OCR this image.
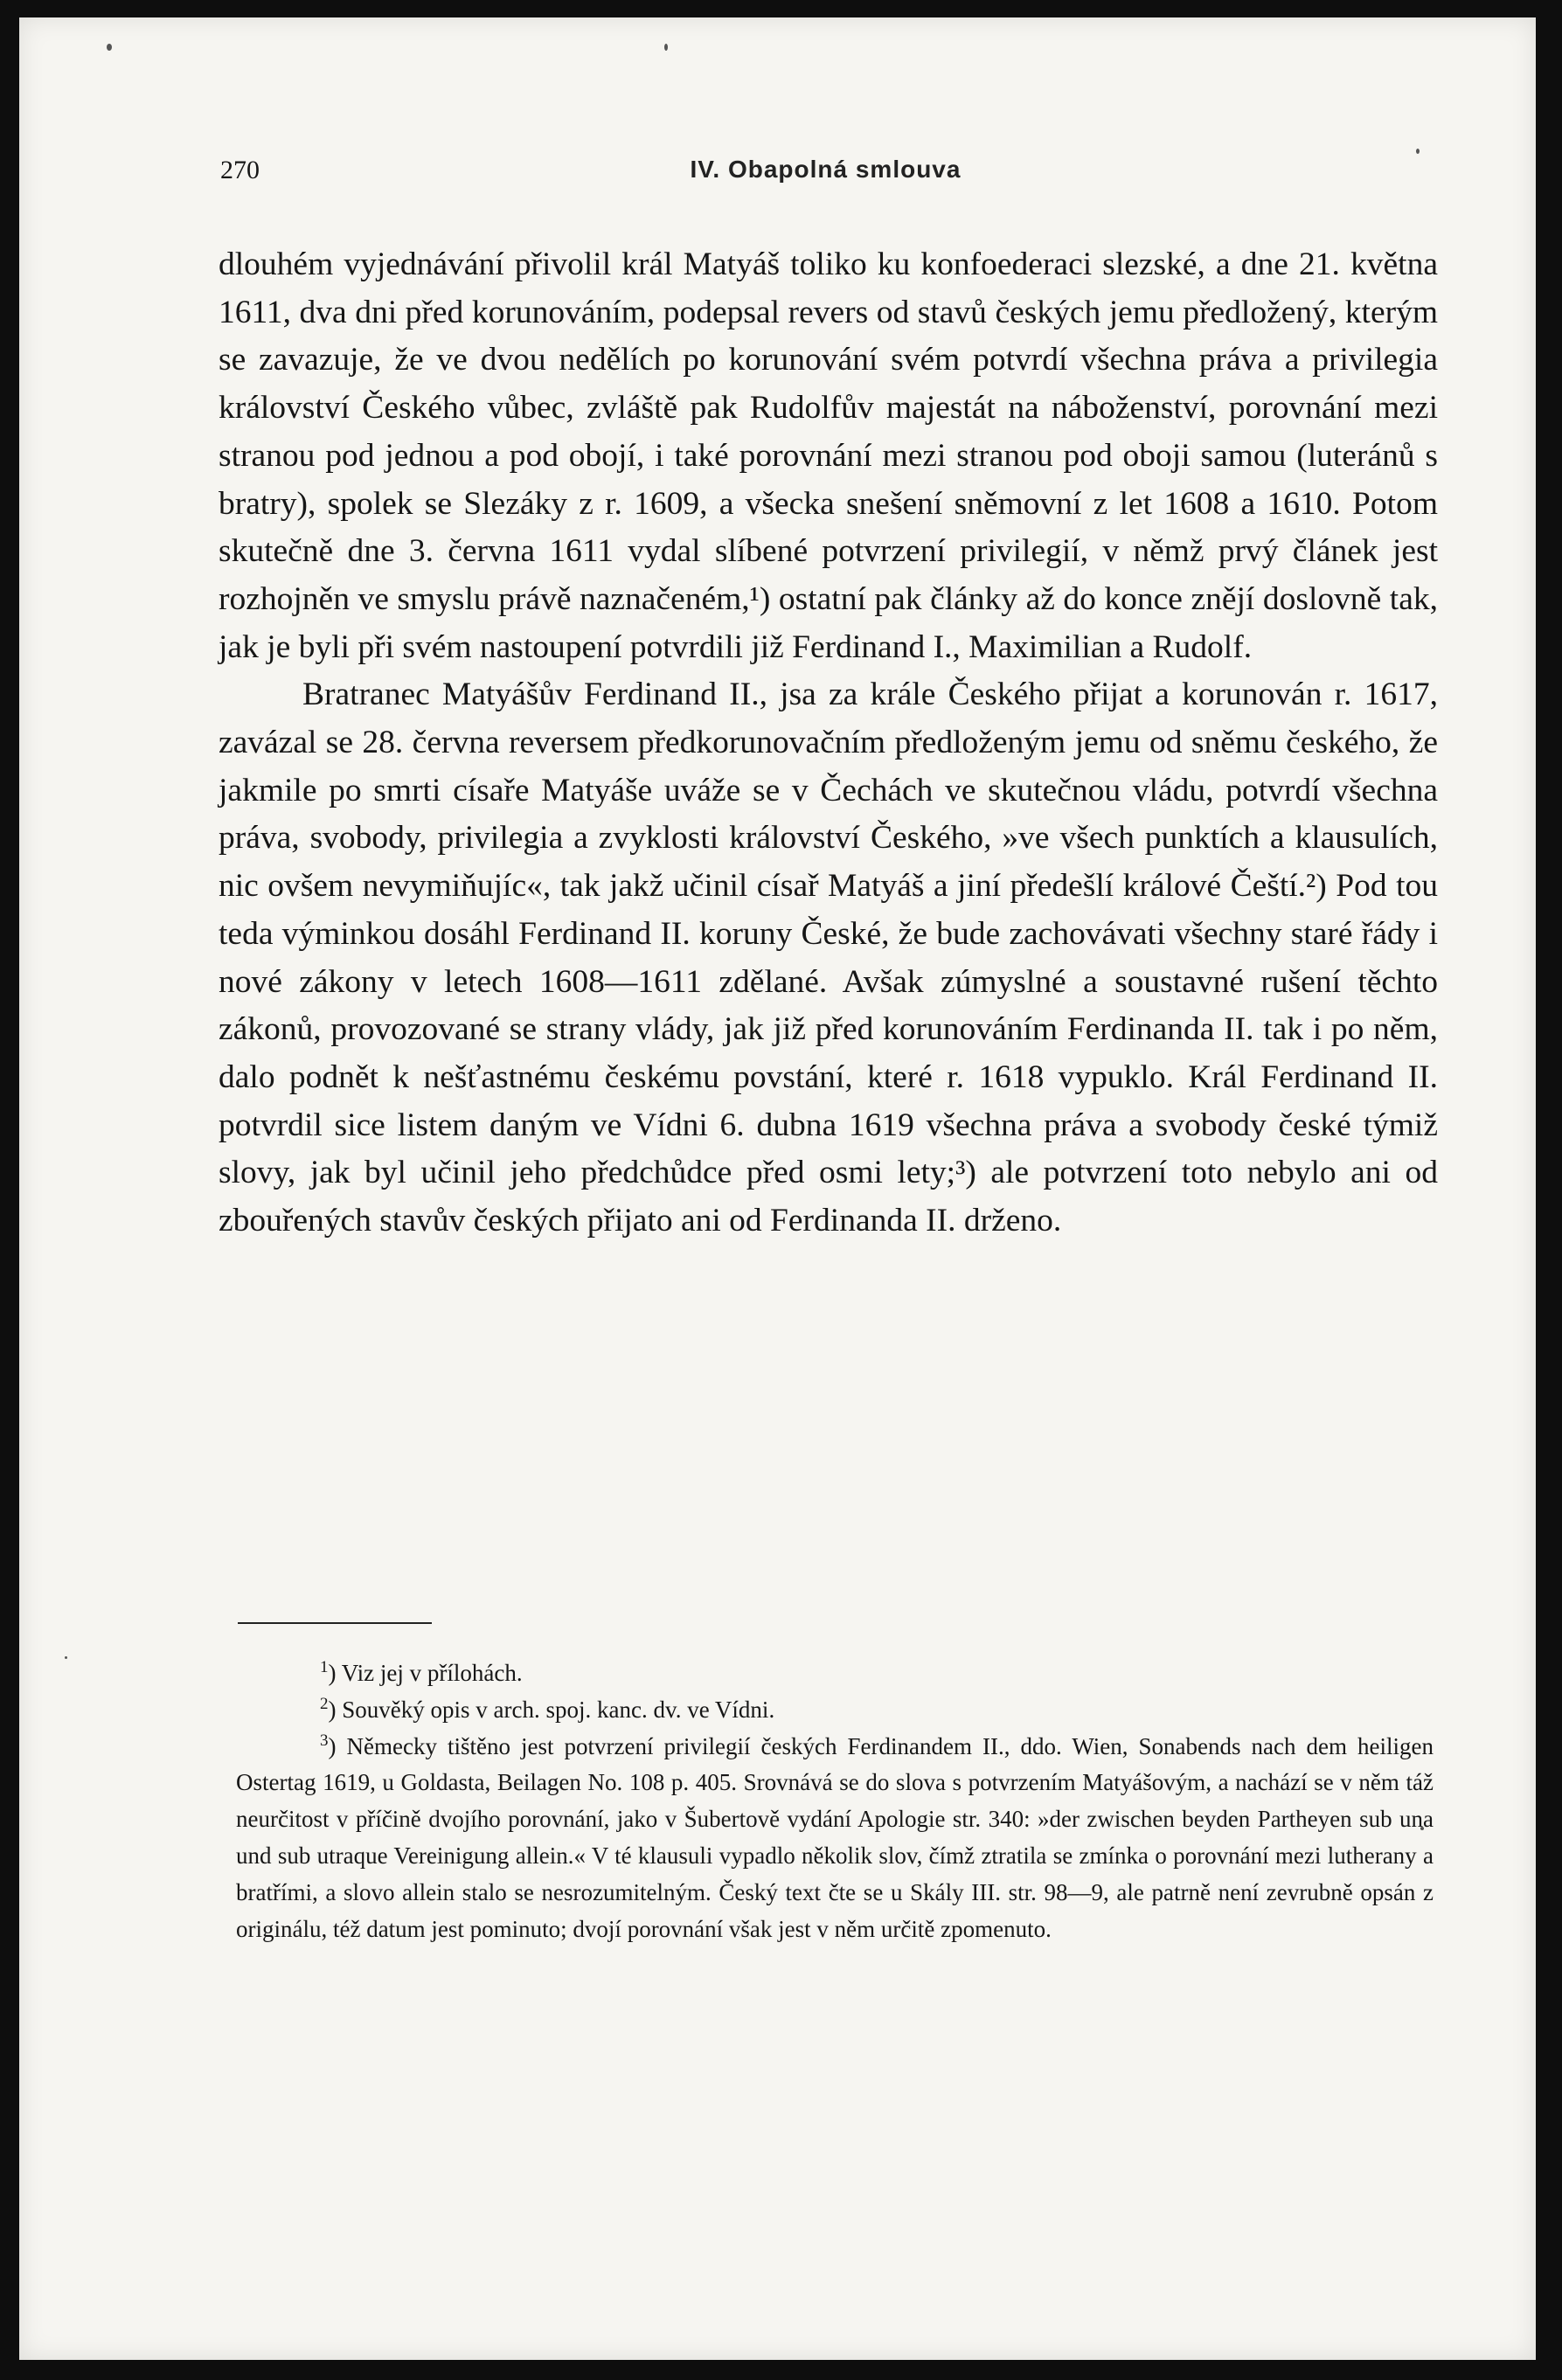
270	IV. Obapolná smlouva

dlouhém vyjednávání přivolil král Matyáš toliko ku konfoederaci slezské, a dne 21. května 1611, dva dni před korunováním, podepsal revers od stavů českých jemu předložený, kterým se zavazuje, že ve dvou nedělích po korunování svém potvrdí všechna práva a privilegia království Českého vůbec, zvláště pak Rudolfův majestát na náboženství, porovnání mezi stranou pod jednou a pod obojí, i také porovnání mezi stranou pod oboji samou (luteránů s bratry), spolek se Slezáky z r. 1609, a všecka snešení sněmovní z let 1608 a 1610. Potom skutečně dne 3. června 1611 vydal slíbené potvrzení privilegií, v němž prvý článek jest rozhojněn ve smyslu právě naznačeném,¹) ostatní pak články až do konce znějí doslovně tak, jak je byli při svém nastoupení potvrdili již Ferdinand I., Maximilian a Rudolf.

Bratranec Matyášův Ferdinand II., jsa za krále Českého přijat a korunován r. 1617, zavázal se 28. června reversem předkorunovačním předloženým jemu od sněmu českého, že jakmile po smrti císaře Matyáše uváže se v Čechách ve skutečnou vládu, potvrdí všechna práva, svobody, privilegia a zvyklosti království Českého, »ve všech punktích a klausulích, nic ovšem nevymiňujíc«, tak jakž učinil císař Matyáš a jiní předešlí králové Čeští.²) Pod tou teda výminkou dosáhl Ferdinand II. koruny České, že bude zachovávati všechny staré řády i nové zákony v letech 1608—1611 zdělané. Avšak zúmyslné a soustavné rušení těchto zákonů, provozované se strany vlády, jak již před korunováním Ferdinanda II. tak i po něm, dalo podnět k nešťastnému českému povstání, které r. 1618 vypuklo. Král Ferdinand II. potvrdil sice listem daným ve Vídni 6. dubna 1619 všechna práva a svobody české týmiž slovy, jak byl učinil jeho předchůdce před osmi lety;³) ale potvrzení toto nebylo ani od zbouřených stavův českých přijato ani od Ferdinanda II. drženo.

$^1$) Viz jej v přílohách.

$^2$) Souvěký opis v arch. spoj. kanc. dv. ve Vídni.

$^3$) Německy tištěno jest potvrzení privilegií českých Ferdinandem II., ddo. Wien, Sonabends nach dem heiligen Ostertag 1619, u Goldasta, Beilagen No. 108 p. 405. Srovnává se do slova s potvrzením Matyášovým, a nachází se v něm táž neurčitost v příčině dvojího porovnání, jako v Šubertově vydání Apologie str. 340: »der zwischen beyden Partheyen sub una und sub utraque Vereinigung allein.« V té klausuli vypadlo několik slov, čímž ztratila se zmínka o porovnání mezi lutherany a bratřími, a slovo allein stalo se nesrozumitelným. Český text čte se u Skály III. str. 98—9, ale patrně není zevrubně opsán z originálu, též datum jest pominuto; dvojí porovnání však jest v něm určitě zpomenuto.
